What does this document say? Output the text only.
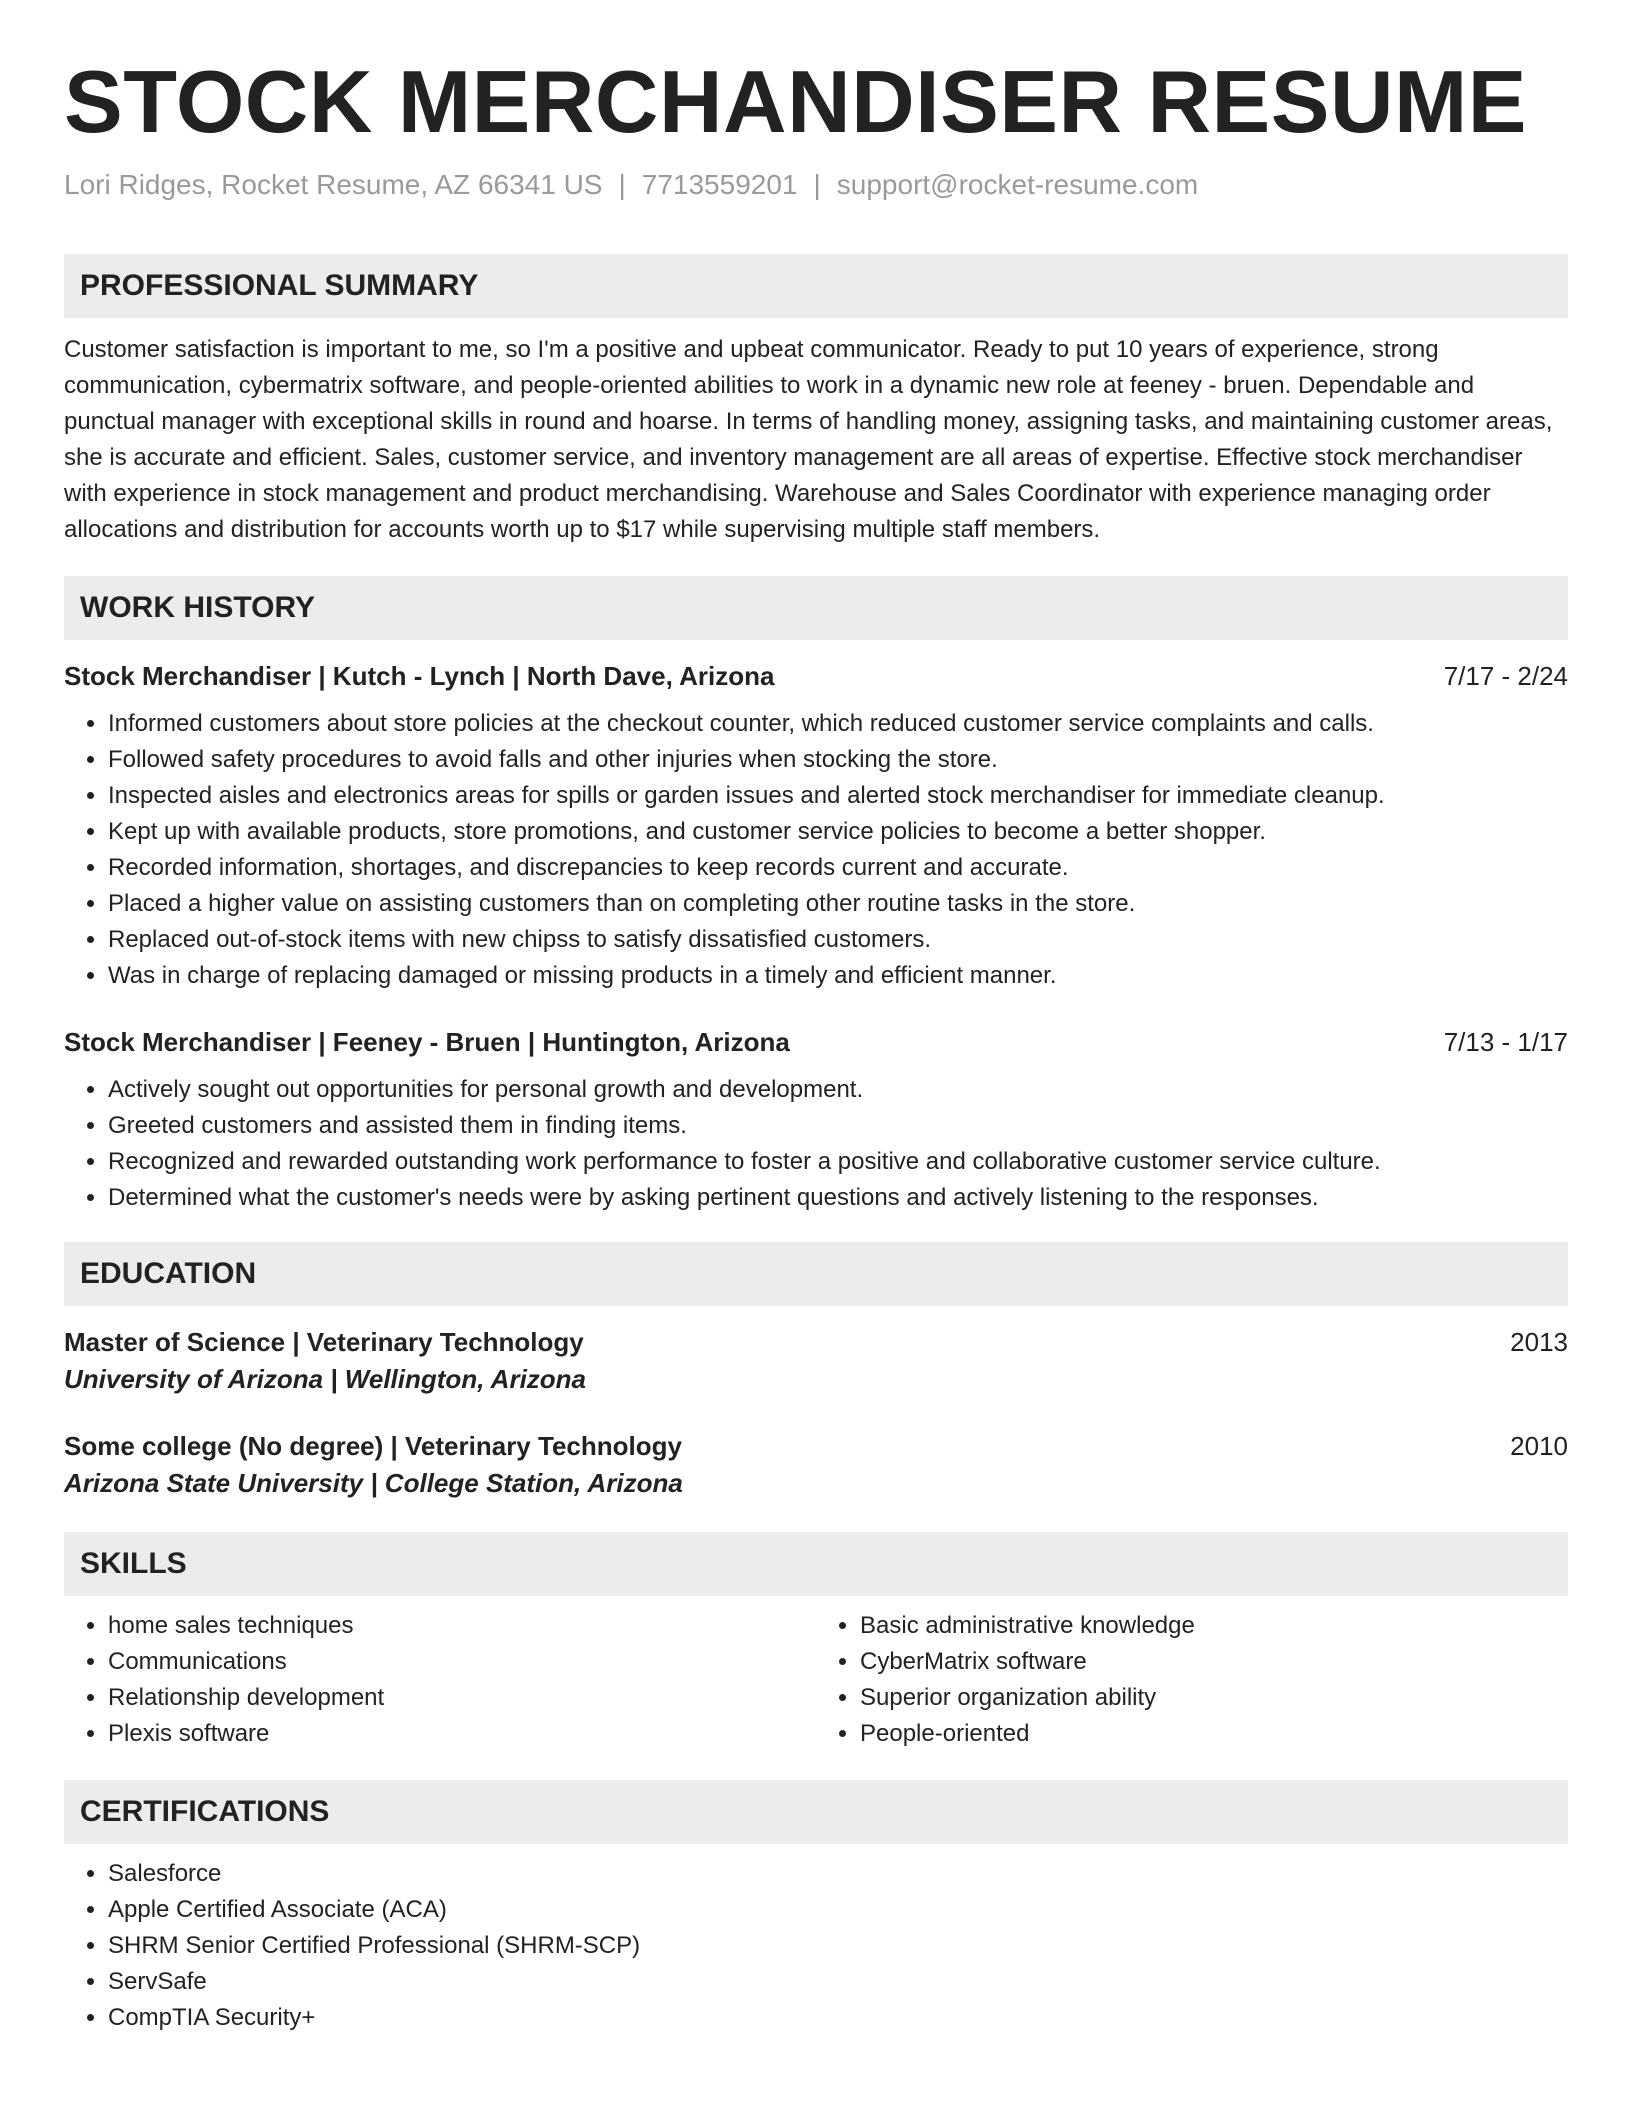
STOCK MERCHANDISER RESUME
Lori Ridges, Rocket Resume, AZ 66341 US | 7713559201 | support@rocket-resume.com
PROFESSIONAL SUMMARY

Customer satisfaction is important to me, so I'm a positive and upbeat communicator. Ready to put 10 years of experience, strong communication, cybermatrix software, and people-oriented abilities to work in a dynamic new role at feeney - bruen. Dependable and punctual manager with exceptional skills in round and hoarse. In terms of handling money, assigning tasks, and maintaining customer areas, she is accurate and efficient. Sales, customer service, and inventory management are all areas of expertise. Effective stock merchandiser with experience in stock management and product merchandising. Warehouse and Sales Coordinator with experience managing order allocations and distribution for accounts worth up to $17 while supervising multiple staff members.

WORK HISTORY
Stock Merchandiser | Kutch - Lynch | North Dave, Arizona	7/17 - 2/24
• Informed customers about store policies at the checkout counter, which reduced customer service complaints and calls.
• Followed safety procedures to avoid falls and other injuries when stocking the store.
• Inspected aisles and electronics areas for spills or garden issues and alerted stock merchandiser for immediate cleanup.
• Kept up with available products, store promotions, and customer service policies to become a better shopper.
• Recorded information, shortages, and discrepancies to keep records current and accurate.
• Placed a higher value on assisting customers than on completing other routine tasks in the store.
• Replaced out-of-stock items with new chipss to satisfy dissatisfied customers.
• Was in charge of replacing damaged or missing products in a timely and efficient manner.
Stock Merchandiser | Feeney - Bruen | Huntington, Arizona	7/13 - 1/17
• Actively sought out opportunities for personal growth and development.
• Greeted customers and assisted them in finding items.
• Recognized and rewarded outstanding work performance to foster a positive and collaborative customer service culture.
• Determined what the customer's needs were by asking pertinent questions and actively listening to the responses.
EDUCATION
Master of Science | Veterinary Technology	2013
University of Arizona | Wellington, Arizona
Some college (No degree) | Veterinary Technology	2010
Arizona State University | College Station, Arizona
SKILLS
• home sales techniques
• Communications
• Relationship development
• Plexis software
• Basic administrative knowledge
• CyberMatrix software
• Superior organization ability
• People-oriented
CERTIFICATIONS
• Salesforce
• Apple Certified Associate (ACA)
• SHRM Senior Certified Professional (SHRM-SCP)
• ServSafe
• CompTIA Security+
